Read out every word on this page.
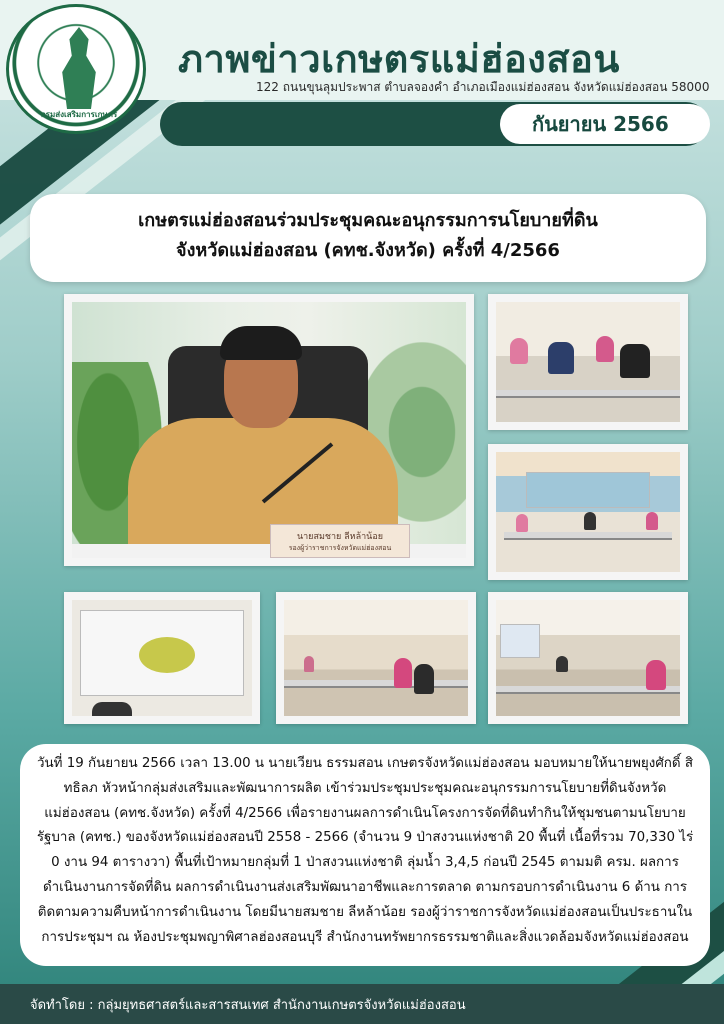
กรมส่งเสริมการเกษตร
ภาพข่าวเกษตรแม่ฮ่องสอน
122 ถนนขุนลุมประพาส ตำบลจองคำ อำเภอเมืองแม่ฮ่องสอน จังหวัดแม่ฮ่องสอน 58000
กันยายน 2566
เกษตรแม่ฮ่องสอนร่วมประชุมคณะอนุกรรมการนโยบายที่ดิน
จังหวัดแม่ฮ่องสอน (คทช.จังหวัด) ครั้งที่ 4/2566
นายสมชาย ลีหล้าน้อย
รองผู้ว่าราชการจังหวัดแม่ฮ่องสอน

วันที่ 19 กันยายน 2566 เวลา 13.00 น นายเวียน ธรรมสอน เกษตรจังหวัดแม่ฮ่องสอน มอบหมายให้นายพยุงศักดิ์ สิทธิลภ หัวหน้ากลุ่มส่งเสริมและพัฒนาการผลิต เข้าร่วมประชุมประชุมคณะอนุกรรมการนโยบายที่ดินจังหวัดแม่ฮ่องสอน (คทช.จังหวัด) ครั้งที่ 4/2566 เพื่อรายงานผลการดำเนินโครงการจัดที่ดินทำกินให้ชุมชนตามนโยบายรัฐบาล (คทช.) ของจังหวัดแม่ฮ่องสอนปี 2558 - 2566 (จำนวน 9 ป่าสงวนแห่งชาติ 20 พื้นที่ เนื้อที่รวม 70,330 ไร่ 0 งาน 94 ตารางวา) พื้นที่เป้าหมายกลุ่มที่ 1 ป่าสงวนแห่งชาติ ลุ่มน้ำ 3,4,5 ก่อนปี 2545 ตามมติ ครม. ผลการดำเนินงานการจัดที่ดิน ผลการดำเนินงานส่งเสริมพัฒนาอาชีพและการตลาด ตามกรอบการดำเนินงาน 6 ด้าน การติดตามความคืบหน้าการดำเนินงาน โดยมีนายสมชาย ลีหล้าน้อย รองผู้ว่าราชการจังหวัดแม่ฮ่องสอนเป็นประธานในการประชุมฯ ณ ห้องประชุมพญาพิศาลฮ่องสอนบุรี สำนักงานทรัพยากรธรรมชาติและสิ่งแวดล้อมจังหวัดแม่ฮ่องสอน

จัดทำโดย : กลุ่มยุทธศาสตร์และสารสนเทศ สำนักงานเกษตรจังหวัดแม่ฮ่องสอน
